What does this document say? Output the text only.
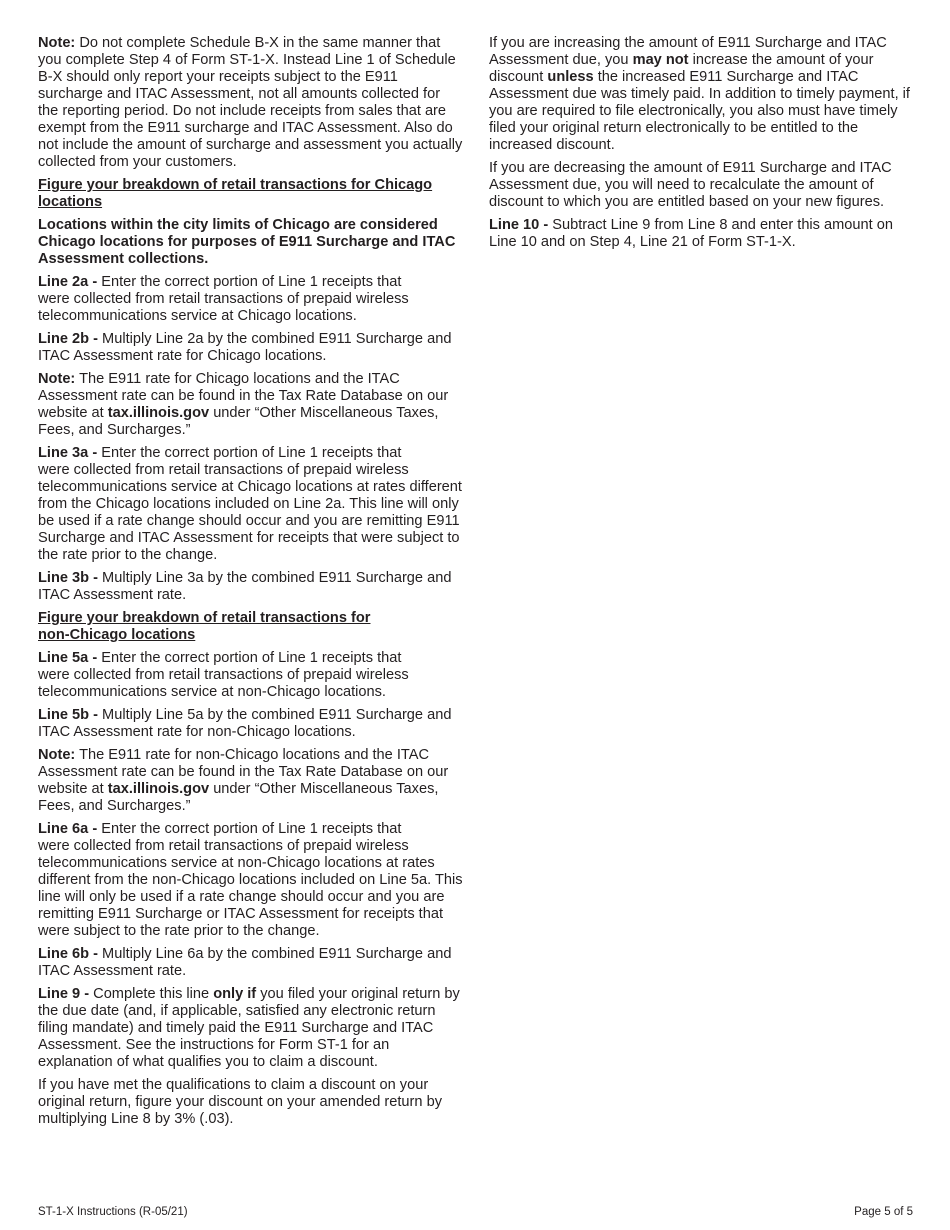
Note: Do not complete Schedule B-X in the same manner that you complete Step 4 of Form ST-1-X. Instead Line 1 of Schedule B-X should only report your receipts subject to the E911 surcharge and ITAC Assessment, not all amounts collected for the reporting period. Do not include receipts from sales that are exempt from the E911 surcharge and ITAC Assessment. Also do not include the amount of surcharge and assessment you actually collected from your customers.

Figure your breakdown of retail transactions for Chicago
locations

Locations within the city limits of Chicago are considered Chicago locations for purposes of E911 Surcharge and ITAC Assessment collections.

Line 2a - Enter the correct portion of Line 1 receipts that
were collected from retail transactions of prepaid wireless telecommunications service at Chicago locations.

Line 2b - Multiply Line 2a by the combined E911 Surcharge and ITAC Assessment rate for Chicago locations.

Note: The E911 rate for Chicago locations and the ITAC Assessment rate can be found in the Tax Rate Database on our website at tax.illinois.gov under “Other Miscellaneous Taxes, Fees, and Surcharges.”

Line 3a - Enter the correct portion of Line 1 receipts that
were collected from retail transactions of prepaid wireless telecommunications service at Chicago locations at rates different from the Chicago locations included on Line 2a. This line will only be used if a rate change should occur and you are remitting E911 Surcharge and ITAC Assessment for receipts that were subject to the rate prior to the change.

Line 3b - Multiply Line 3a by the combined E911 Surcharge and ITAC Assessment rate.

Figure your breakdown of retail transactions for
non-Chicago locations

Line 5a - Enter the correct portion of Line 1 receipts that
were collected from retail transactions of prepaid wireless telecommunications service at non-Chicago locations.

Line 5b - Multiply Line 5a by the combined E911 Surcharge and ITAC Assessment rate for non-Chicago locations.

Note: The E911 rate for non-Chicago locations and the ITAC Assessment rate can be found in the Tax Rate Database on our website at tax.illinois.gov under “Other Miscellaneous Taxes, Fees, and Surcharges.”

Line 6a - Enter the correct portion of Line 1 receipts that
were collected from retail transactions of prepaid wireless telecommunications service at non-Chicago locations at rates different from the non-Chicago locations included on Line 5a. This line will only be used if a rate change should occur and you are remitting E911 Surcharge or ITAC Assessment for receipts that were subject to the rate prior to the change.

Line 6b - Multiply Line 6a by the combined E911 Surcharge and ITAC Assessment rate.

Line 9 - Complete this line only if you filed your original return by the due date (and, if applicable, satisfied any electronic return filing mandate) and timely paid the E911 Surcharge and ITAC Assessment. See the instructions for Form ST-1 for an explanation of what qualifies you to claim a discount.

If you have met the qualifications to claim a discount on your original return, figure your discount on your amended return by multiplying Line 8 by 3% (.03).

If you are increasing the amount of E911 Surcharge and ITAC Assessment due, you may not increase the amount of your discount unless the increased E911 Surcharge and ITAC Assessment due was timely paid. In addition to timely payment, if you are required to file electronically, you also must have timely filed your original return electronically to be entitled to the increased discount.

If you are decreasing the amount of E911 Surcharge and ITAC Assessment due, you will need to recalculate the amount of discount to which you are entitled based on your new figures.

Line 10 - Subtract Line 9 from Line 8 and enter this amount on Line 10 and on Step 4, Line 21 of Form ST-1-X.

ST-1-X Instructions (R-05/21)	Page 5 of 5
